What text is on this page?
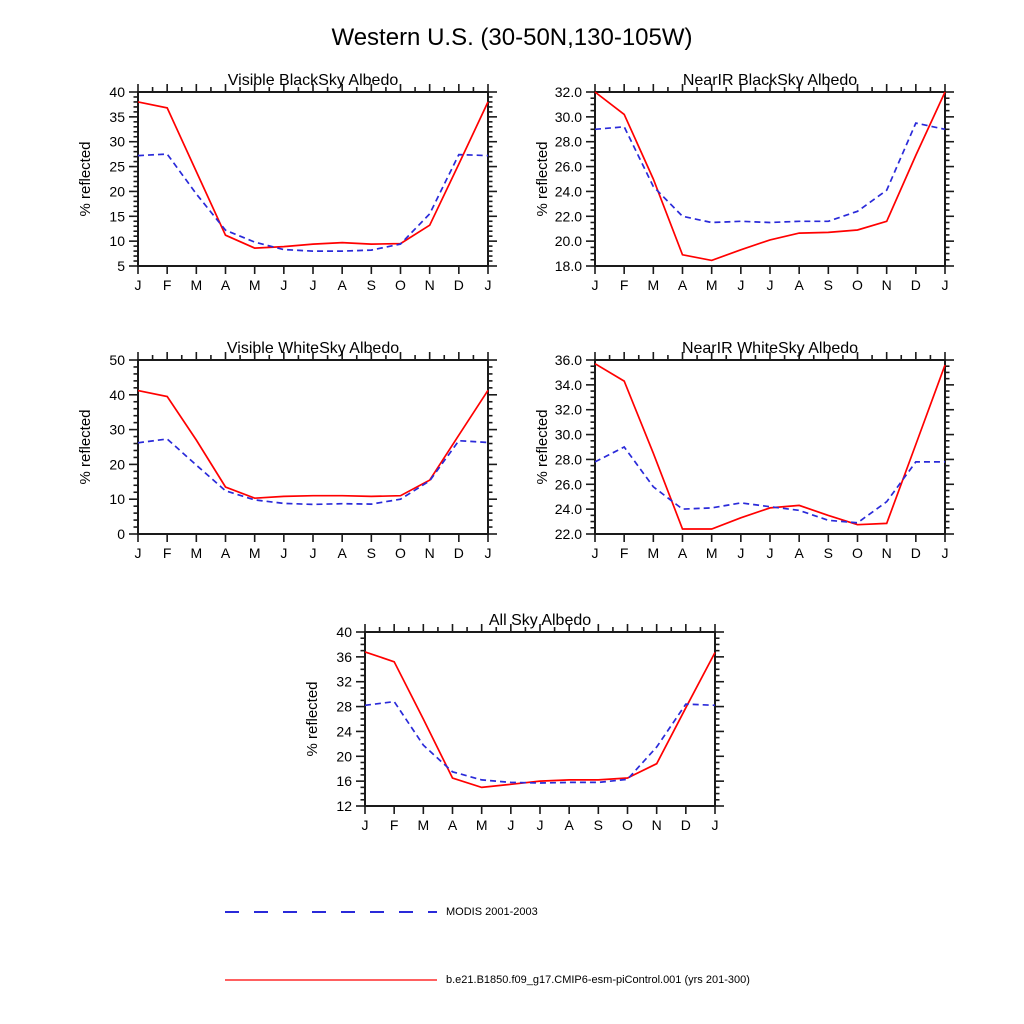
Western U.S. (30-50N,130-105W)
5
10
15
20
25
30
35
40
J F M A M J J A S O N D J
Visible BlackSky Albedo
% reflected
18.0
20.0
22.0
24.0
26.0
28.0
30.0
32.0
J F M A M J J A S O N D J
NearIR BlackSky Albedo
% reflected
0
10
20
30
40
50
J F M A M J J A S O N D J
Visible WhiteSky Albedo
% reflected
22.0
24.0
26.0
28.0
30.0
32.0
34.0
36.0
J F M A M J J A S O N D J
NearIR WhiteSky Albedo
% reflected
12
16
20
24
28
32
36
40
J F M A M J J A S O N D J
All Sky Albedo
% reflected
MODIS 2001-2003
b.e21.B1850.f09_g17.CMIP6-esm-piControl.001 (yrs 201-300)
